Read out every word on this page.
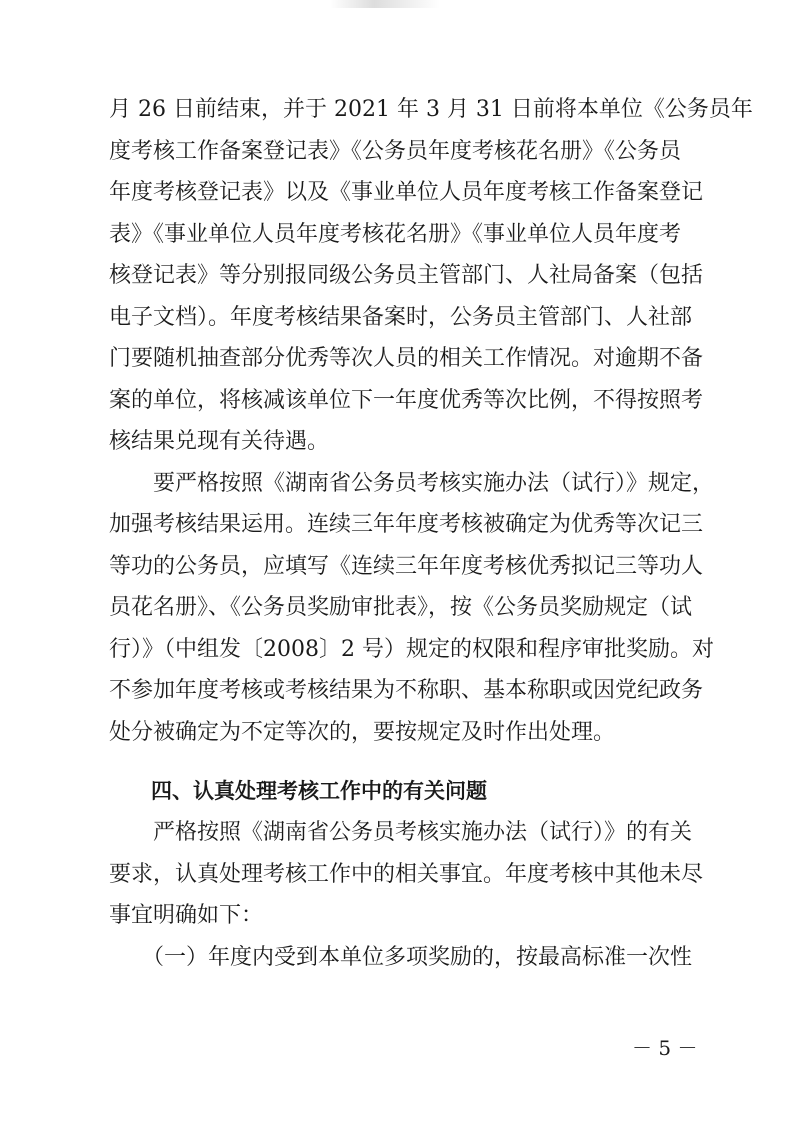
月 26 日前结束，并于 2021 年 3 月 31 日前将本单位《公务员年
度考核工作备案登记表》《公务员年度考核花名册》《公务员
年度考核登记表》以及《事业单位人员年度考核工作备案登记
表》《事业单位人员年度考核花名册》《事业单位人员年度考
核登记表》等分别报同级公务员主管部门、人社局备案（包括
电子文档）。年度考核结果备案时，公务员主管部门、人社部
门要随机抽查部分优秀等次人员的相关工作情况。对逾期不备
案的单位，将核减该单位下一年度优秀等次比例，不得按照考
核结果兑现有关待遇。

　　要严格按照《湖南省公务员考核实施办法（试行）》规定，
加强考核结果运用。连续三年年度考核被确定为优秀等次记三
等功的公务员，应填写《连续三年年度考核优秀拟记三等功人
员花名册》、《公务员奖励审批表》，按《公务员奖励规定（试
行）》（中组发〔2008〕2 号）规定的权限和程序审批奖励。对
不参加年度考核或考核结果为不称职、基本称职或因党纪政务
处分被确定为不定等次的，要按规定及时作出处理。

四、认真处理考核工作中的有关问题

　　严格按照《湖南省公务员考核实施办法（试行）》的有关
要求，认真处理考核工作中的相关事宜。年度考核中其他未尽
事宜明确如下：

　　（一）年度内受到本单位多项奖励的，按最高标准一次性

－ 5 －
